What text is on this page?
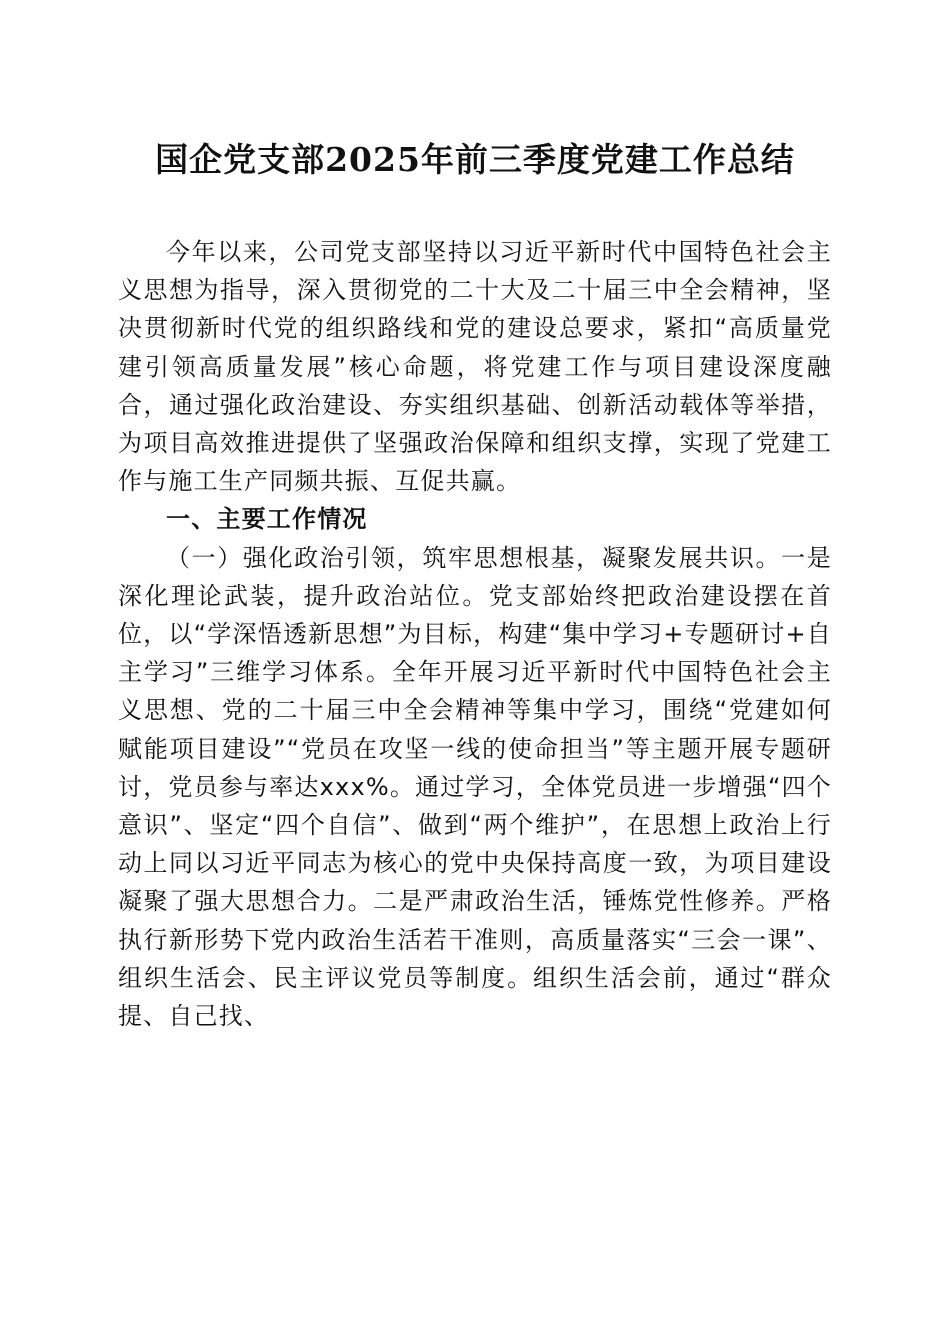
国企党支部2025年前三季度党建工作总结

今年以来，公司党支部坚持以习近平新时代中国特色社会主义思想为指导，深入贯彻党的二十大及二十届三中全会精神，坚决贯彻新时代党的组织路线和党的建设总要求，紧扣“高质量党建引领高质量发展”核心命题，将党建工作与项目建设深度融合，通过强化政治建设、夯实组织基础、创新活动载体等举措，为项目高效推进提供了坚强政治保障和组织支撑，实现了党建工作与施工生产同频共振、互促共赢。

一、主要工作情况

（一）强化政治引领，筑牢思想根基，凝聚发展共识。一是深化理论武装，提升政治站位。党支部始终把政治建设摆在首位，以“学深悟透新思想”为目标，构建“集中学习+专题研讨+自主学习”三维学习体系。全年开展习近平新时代中国特色社会主义思想、党的二十届三中全会精神等集中学习，围绕“党建如何赋能项目建设”“党员在攻坚一线的使命担当”等主题开展专题研讨，党员参与率达xxx%。通过学习，全体党员进一步增强“四个意识”、坚定“四个自信”、做到“两个维护”，在思想上政治上行动上同以习近平同志为核心的党中央保持高度一致，为项目建设凝聚了强大思想合力。二是严肃政治生活，锤炼党性修养。严格执行新形势下党内政治生活若干准则，高质量落实“三会一课”、组织生活会、民主评议党员等制度。组织生活会前，通过“群众提、自己找、
